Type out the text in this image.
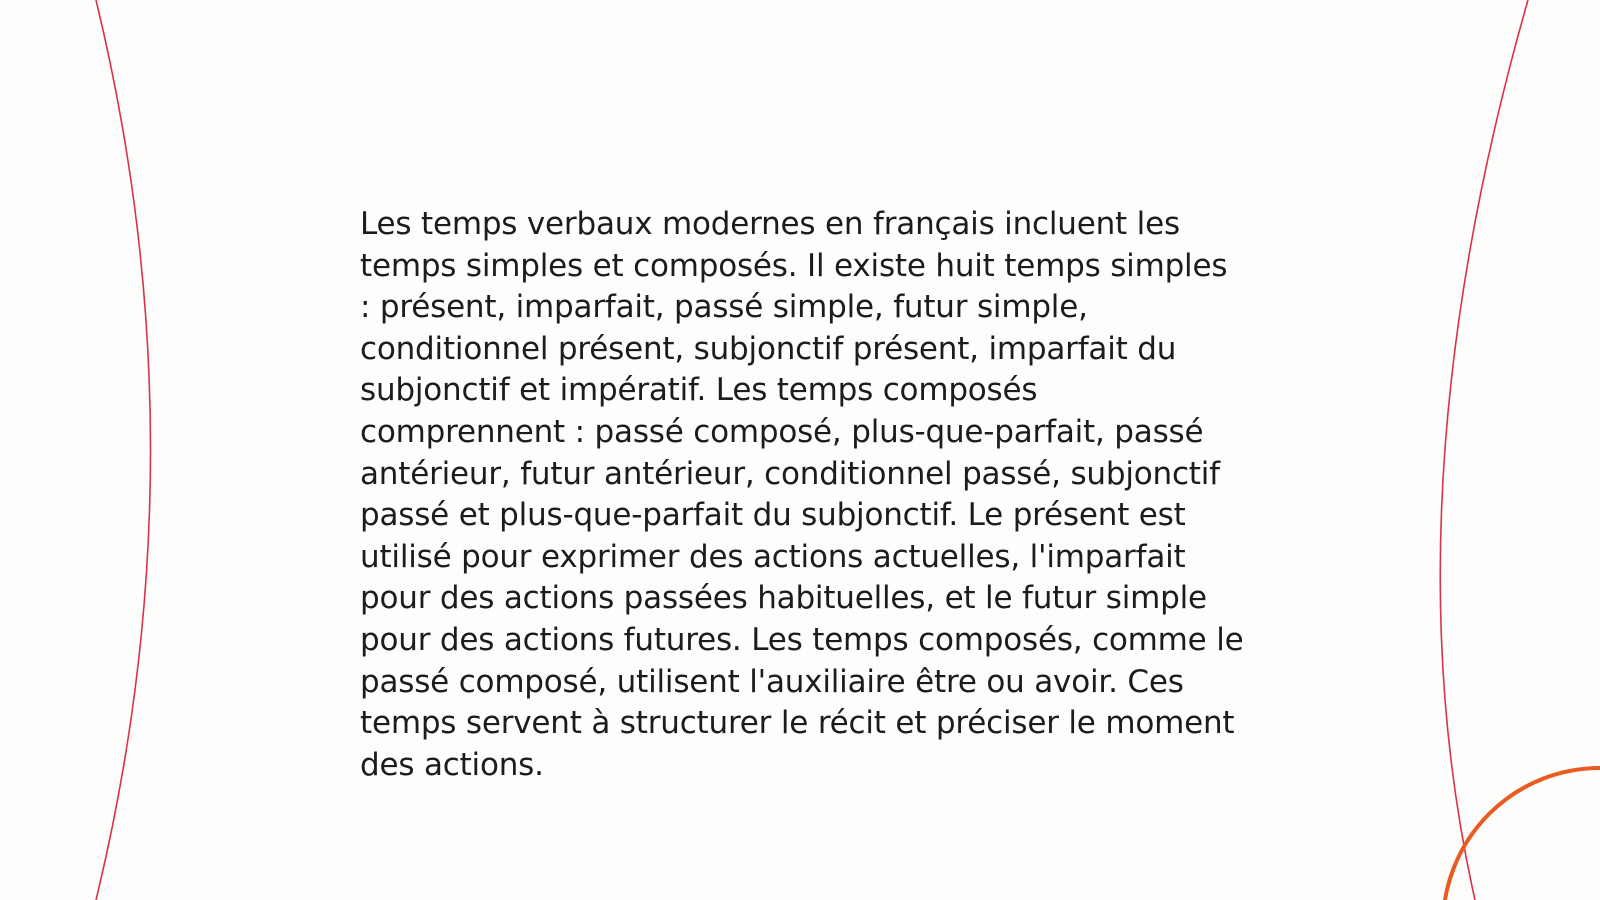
Les temps verbaux modernes en français incluent les temps simples et composés. Il existe huit temps simples : présent, imparfait, passé simple, futur simple, conditionnel présent, subjonctif présent, imparfait du subjonctif et impératif. Les temps composés comprennent : passé composé, plus-que-parfait, passé antérieur, futur antérieur, conditionnel passé, subjonctif passé et plus-que-parfait du subjonctif. Le présent est utilisé pour exprimer des actions actuelles, l'imparfait pour des actions passées habituelles, et le futur simple pour des actions futures. Les temps composés, comme le passé composé, utilisent l'auxiliaire être ou avoir. Ces temps servent à structurer le récit et préciser le moment des actions.
